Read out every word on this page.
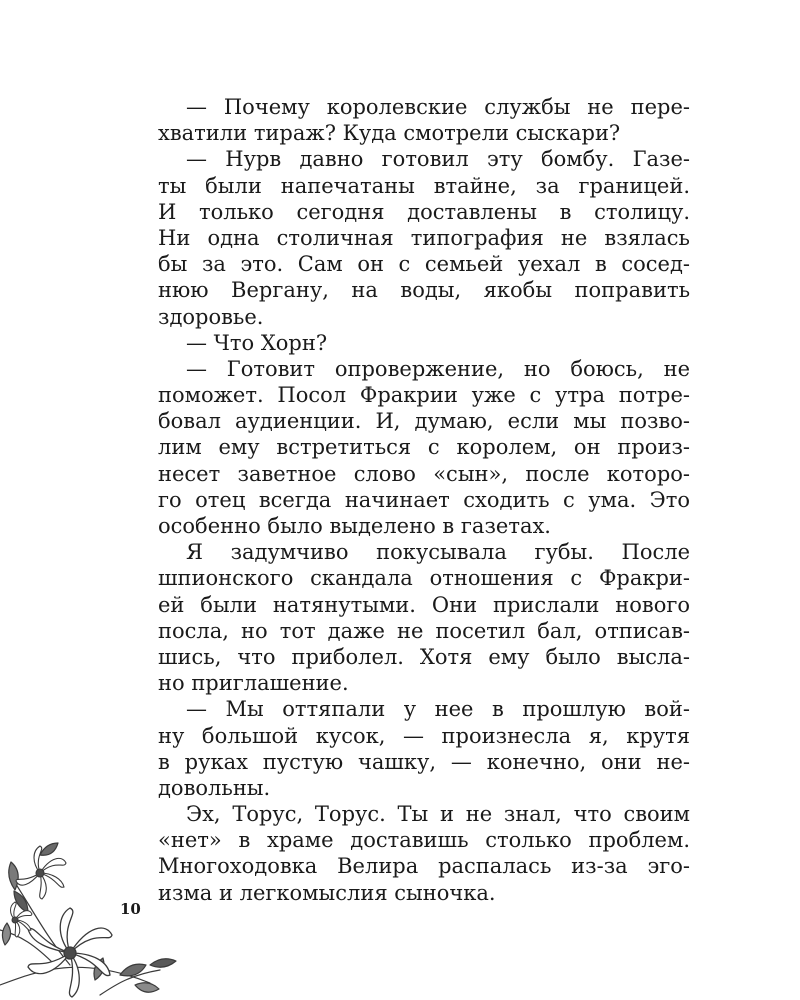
— Почему королевские службы не пере-
хватили тираж? Куда смотрели сыскари?
— Нурв давно готовил эту бомбу. Газе-
ты были напечатаны втайне, за границей.
И только сегодня доставлены в столицу.
Ни одна столичная типография не взялась
бы за это. Сам он с семьей уехал в сосед-
нюю Вергану, на воды, якобы поправить
здоровье.
— Что Хорн?
— Готовит опровержение, но боюсь, не
поможет. Посол Фракрии уже с утра потре-
бовал аудиенции. И, думаю, если мы позво-
лим ему встретиться с королем, он произ-
несет заветное слово «сын», после которо-
го отец всегда начинает сходить с ума. Это
особенно было выделено в газетах.
Я задумчиво покусывала губы. После
шпионского скандала отношения с Фракри-
ей были натянутыми. Они прислали нового
посла, но тот даже не посетил бал, отписав-
шись, что приболел. Хотя ему было высла-
но приглашение.
— Мы оттяпали у нее в прошлую вой-
ну большой кусок, — произнесла я, крутя
в руках пустую чашку, — конечно, они не-
довольны.
Эх, Торус, Торус. Ты и не знал, что своим
«нет» в храме доставишь столько проблем.
Многоходовка Велира распалась из-за эго-
изма и легкомыслия сыночка.
10
